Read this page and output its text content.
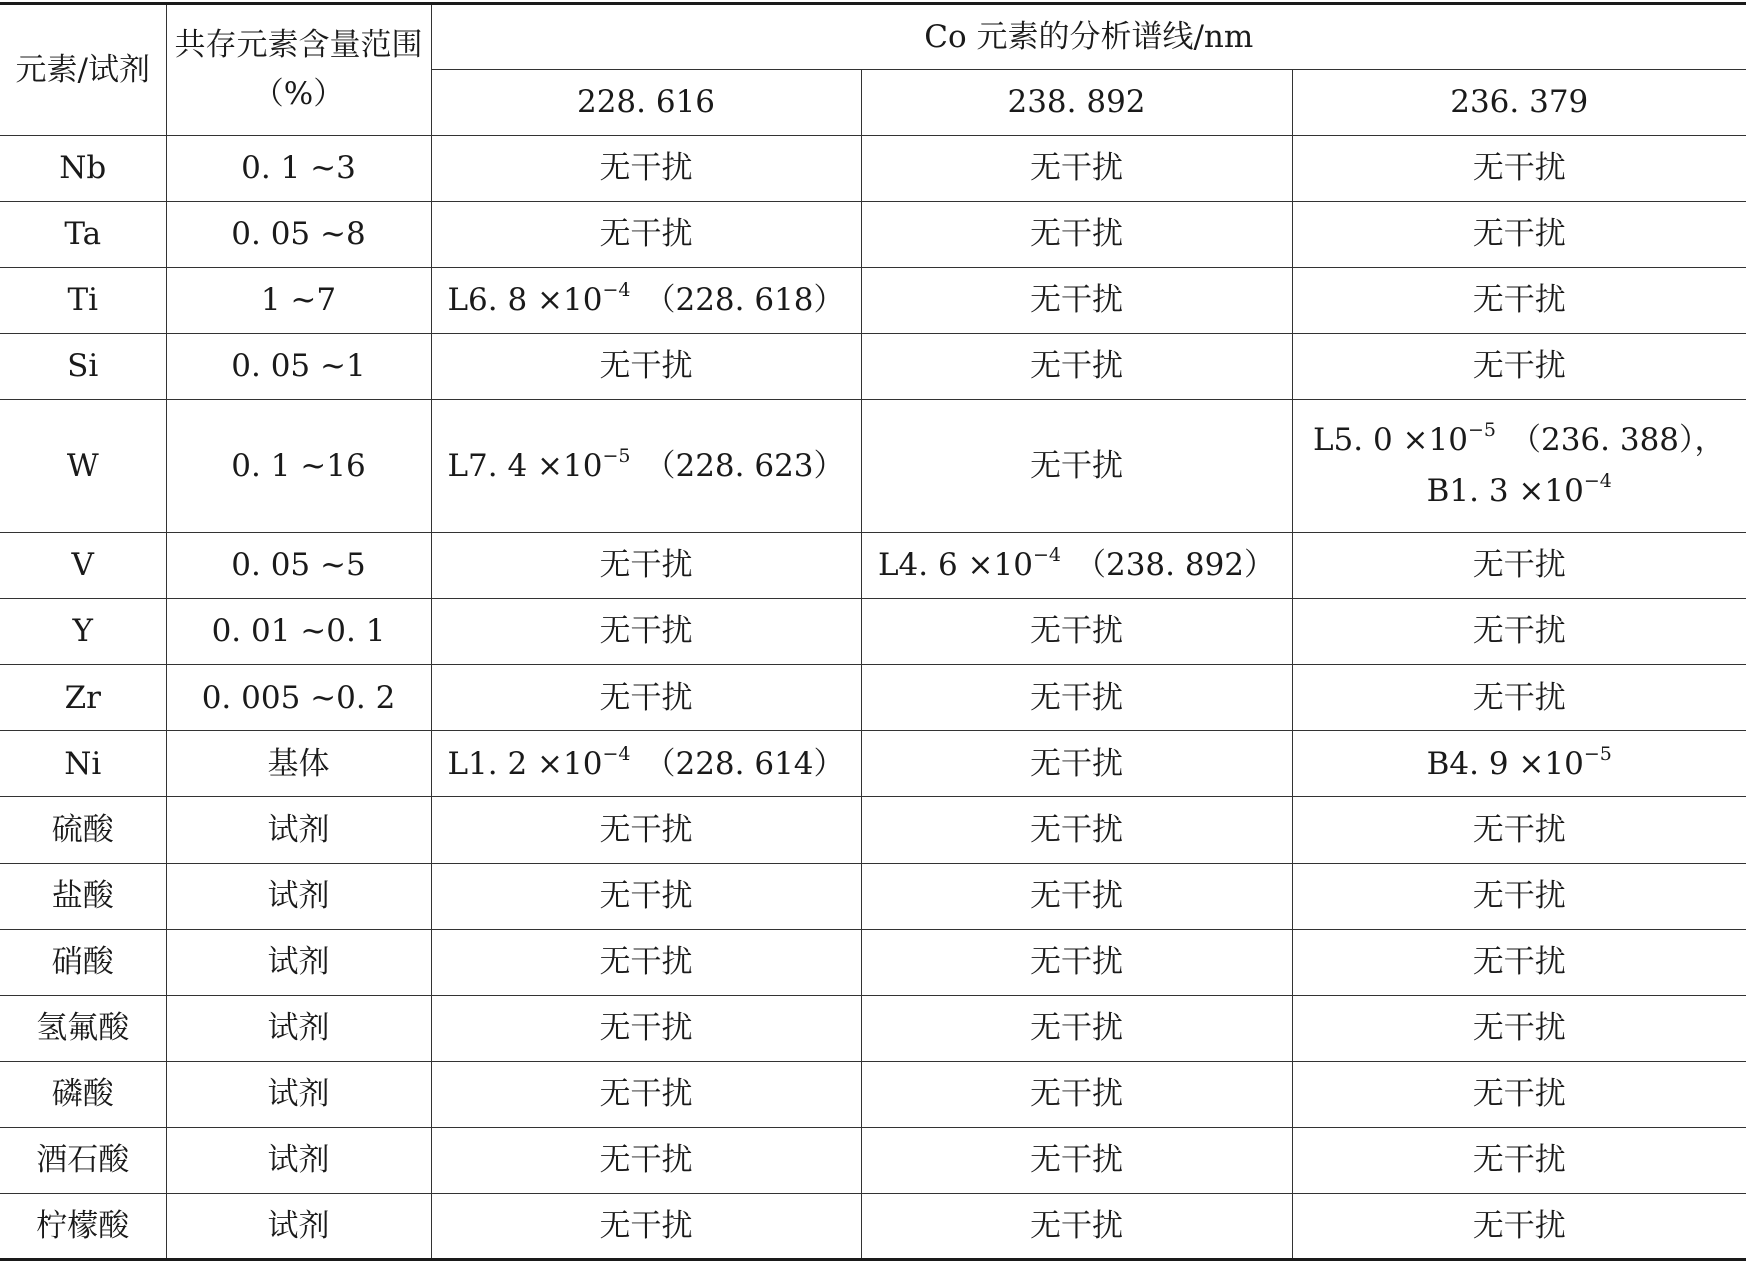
元素/试剂	共存元素含量范围
（%）	Co 元素的分析谱线/nm		
		228. 616	238. 892	236. 379
Nb	0. 1 ~3	无干扰	无干扰	无干扰

Ta	0. 05 ~8	无干扰	无干扰	无干扰

Ti	1 ~7	L6. $8 \times 10^{-4}$ （228. 618）	无干扰	无干扰

Si	0. 05 ~1	无干扰	无干扰	无干扰

W	0. 1 ~16	L7. $4 \times 10^{-5}$ （228. 623）	无干扰	L5. $0 \times 10^{-5}$ （236. 388），
B1. $3 \times 10^{-4}$

V	0. 05 ~5	无干扰	L4. $6 \times 10^{-4}$ （238. 892）	无干扰

Y	0. 01 ~0. 1	无干扰	无干扰	无干扰

Zr	0. 005 ~0. 2	无干扰	无干扰	无干扰

Ni	基体	L1. $2 \times 10^{-4}$ （228. 614）	无干扰	B4. $9 \times 10^{-5}$

硫酸	试剂	无干扰	无干扰	无干扰

盐酸	试剂	无干扰	无干扰	无干扰

硝酸	试剂	无干扰	无干扰	无干扰

氢氟酸	试剂	无干扰	无干扰	无干扰

磷酸	试剂	无干扰	无干扰	无干扰

酒石酸	试剂	无干扰	无干扰	无干扰

柠檬酸	试剂	无干扰	无干扰	无干扰
